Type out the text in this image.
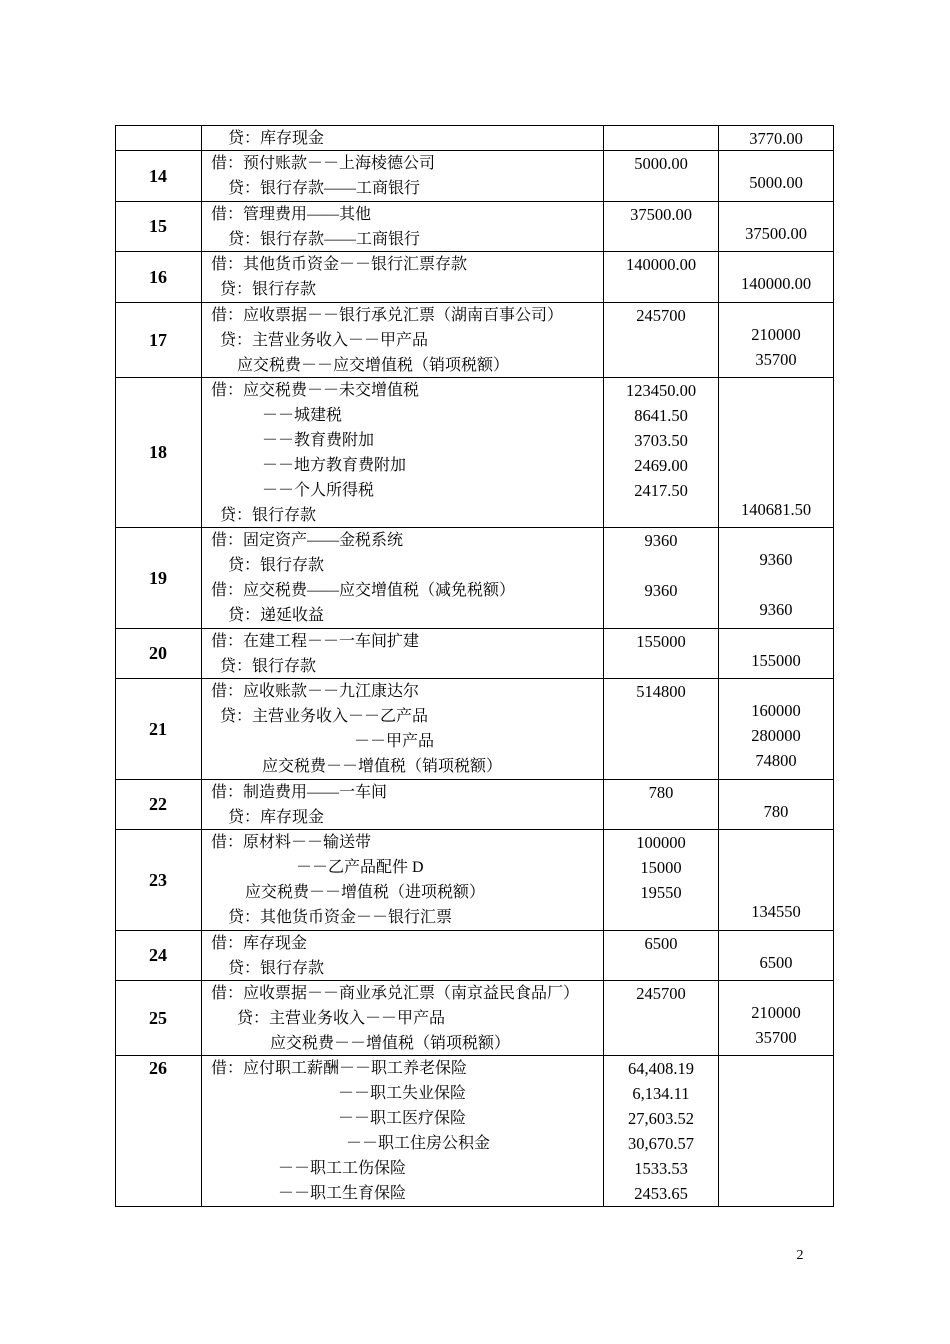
贷：库存现金	3770.00
14
借：预付账款－－上海棱德公司
贷：银行存款——工商银行
5000.00
5000.00
15
借：管理费用——其他
贷：银行存款——工商银行
37500.00
37500.00
16
借：其他货币资金－－银行汇票存款
贷：银行存款
140000.00
140000.00
17
借：应收票据－－银行承兑汇票（湖南百事公司）
贷：主营业务收入－－甲产品
应交税费－－应交增值税（销项税额）
245700
210000
35700
18
借：应交税费－－未交增值税
－－城建税
－－教育费附加
－－地方教育费附加
－－个人所得税
贷：银行存款
123450.00
8641.50
3703.50
2469.00
2417.50
140681.50
19
借：固定资产——金税系统
贷：银行存款
借：应交税费——应交增值税（减免税额）
贷：递延收益
9360
9360
9360
9360
20
借：在建工程－－一车间扩建
贷：银行存款
155000
155000
21
借：应收账款－－九江康达尔
贷：主营业务收入－－乙产品
－－甲产品
应交税费－－增值税（销项税额）
514800
160000
280000
74800
22
借：制造费用——一车间
贷：库存现金
780
780
23
借：原材料－－输送带
－－乙产品配件 D
应交税费－－增值税（进项税额）
贷：其他货币资金－－银行汇票
100000
15000
19550
134550
24
借：库存现金
贷：银行存款
6500
6500
25
借：应收票据－－商业承兑汇票（南京益民食品厂）
贷：主营业务收入－－甲产品
应交税费－－增值税（销项税额）
245700
210000
35700
26	借：应付职工薪酬－－职工养老保险
－－职工失业保险
－－职工医疗保险
－－职工住房公积金
－－职工工伤保险
－－职工生育保险
64,408.19
6,134.11
27,603.52
30,670.57
1533.53
2453.65
2
